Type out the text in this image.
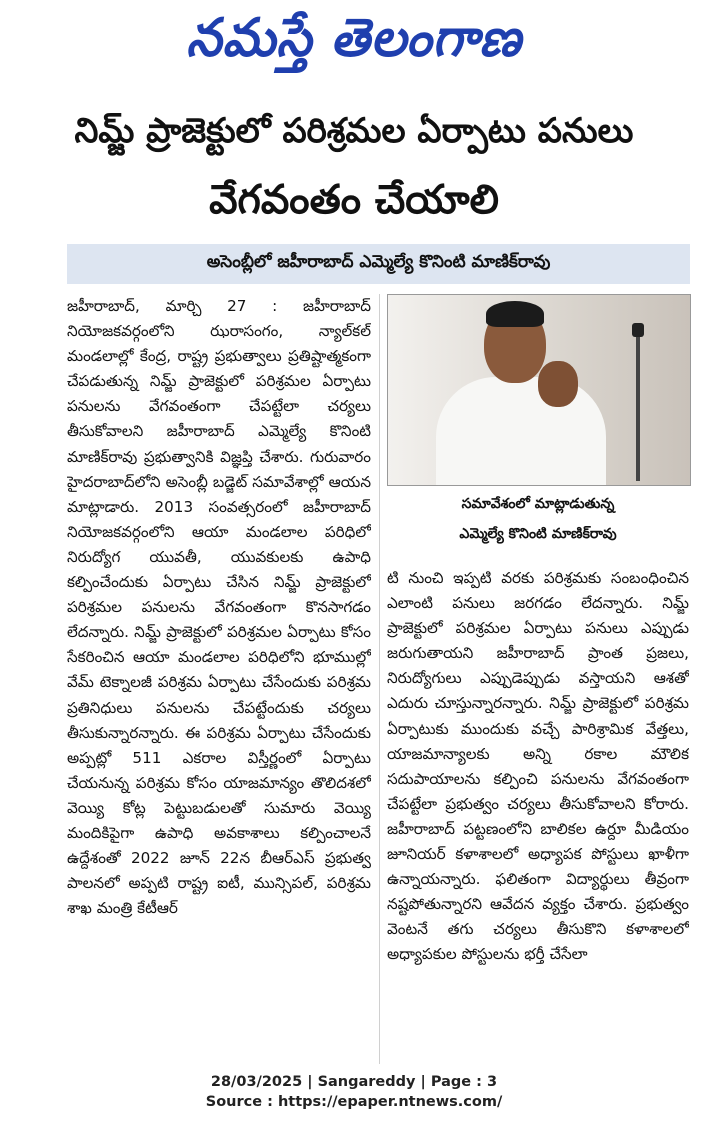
నమస్తే తెలంగాణ
నిమ్జ్ ప్రాజెక్టులో పరిశ్రమల ఏర్పాటు పనులు
వేగవంతం చేయాలి
అసెంబ్లీలో జహీరాబాద్ ఎమ్మెల్యే కొనింటి మాణిక్‌రావు
జహీరాబాద్, మార్చి 27 : జహీరాబాద్ నియోజకవర్గంలోని ఝరాసంగం, న్యాల్‌కల్ మండలాల్లో కేంద్ర, రాష్ట్ర ప్రభుత్వాలు ప్రతిష్టాత్మకంగా చేపడుతున్న నిమ్జ్ ప్రాజెక్టులో పరిశ్రమల ఏర్పాటు పనులను వేగవంతంగా చేపట్టేలా చర్యలు తీసుకోవాలని జహీరాబాద్ ఎమ్మెల్యే కొనింటి మాణిక్‌రావు ప్రభుత్వానికి విజ్ఞప్తి చేశారు. గురువారం హైదరాబాద్‌లోని అసెంబ్లీ బడ్జెట్ సమావేశాల్లో ఆయన మాట్లాడారు. 2013 సంవత్సరంలో జహీరాబాద్ నియోజకవర్గంలోని ఆయా మండలాల పరిధిలో నిరుద్యోగ యువతీ, యువకులకు ఉపాధి కల్పించేందుకు ఏర్పాటు చేసిన నిమ్జ్ ప్రాజెక్టులో పరిశ్రమల పనులను వేగవంతంగా కొనసాగడం లేదన్నారు. నిమ్జ్ ప్రాజెక్టులో పరిశ్రమల ఏర్పాటు కోసం సేకరించిన ఆయా మండలాల పరిధిలోని భూముల్లో వేమ్ టెక్నాలజీ పరిశ్రమ ఏర్పాటు చేసేందుకు పరిశ్రమ ప్రతినిధులు పనులను చేపట్టేందుకు చర్యలు తీసుకున్నారన్నారు. ఈ పరిశ్రమ ఏర్పాటు చేసేందుకు అప్పట్లో 511 ఎకరాల విస్తీర్ణంలో ఏర్పాటు చేయనున్న పరిశ్రమ కోసం యాజమాన్యం తొలిదశలో వెయ్యి కోట్ల పెట్టుబడులతో సుమారు వెయ్యి మందికిపైగా ఉపాధి అవకాశాలు కల్పించాలనే ఉద్దేశంతో 2022 జూన్ 22న బీఆర్‌ఎస్ ప్రభుత్వ పాలనలో అప్పటి రాష్ట్ర ఐటీ, మున్సిపల్, పరిశ్రమ శాఖ మంత్రి కేటీఆర్
సమావేశంలో మాట్లాడుతున్న
ఎమ్మెల్యే కొనింటి మాణిక్‌రావు
టి నుంచి ఇప్పటి వరకు పరిశ్రమకు సంబంధించిన ఎలాంటి పనులు జరగడం లేదన్నారు. నిమ్జ్ ప్రాజెక్టులో పరిశ్రమల ఏర్పాటు పనులు ఎప్పుడు జరుగుతాయని జహీరాబాద్ ప్రాంత ప్రజలు, నిరుద్యోగులు ఎప్పుడెప్పుడు వస్తాయని ఆశతో ఎదురు చూస్తున్నారన్నారు. నిమ్జ్ ప్రాజెక్టులో పరిశ్రమ ఏర్పాటుకు ముందుకు వచ్చే పారిశ్రామిక వేత్తలు, యాజమాన్యాలకు అన్ని రకాల మౌలిక సదుపాయాలను కల్పించి పనులను వేగవంతంగా చేపట్టేలా ప్రభుత్వం చర్యలు తీసుకోవాలని కోరారు. జహీరాబాద్ పట్టణంలోని బాలికల ఉర్దూ మీడియం జూనియర్ కళాశాలలో అధ్యాపక పోస్టులు ఖాళీగా ఉన్నాయన్నారు. ఫలితంగా విద్యార్థులు తీవ్రంగా నష్టపోతున్నారని ఆవేదన వ్యక్తం చేశారు. ప్రభుత్వం వెంటనే తగు చర్యలు తీసుకొని కళాశాలలో అధ్యాపకుల పోస్టులను భర్తీ చేసేలా
28/03/2025 | Sangareddy | Page : 3
Source : https://epaper.ntnews.com/
